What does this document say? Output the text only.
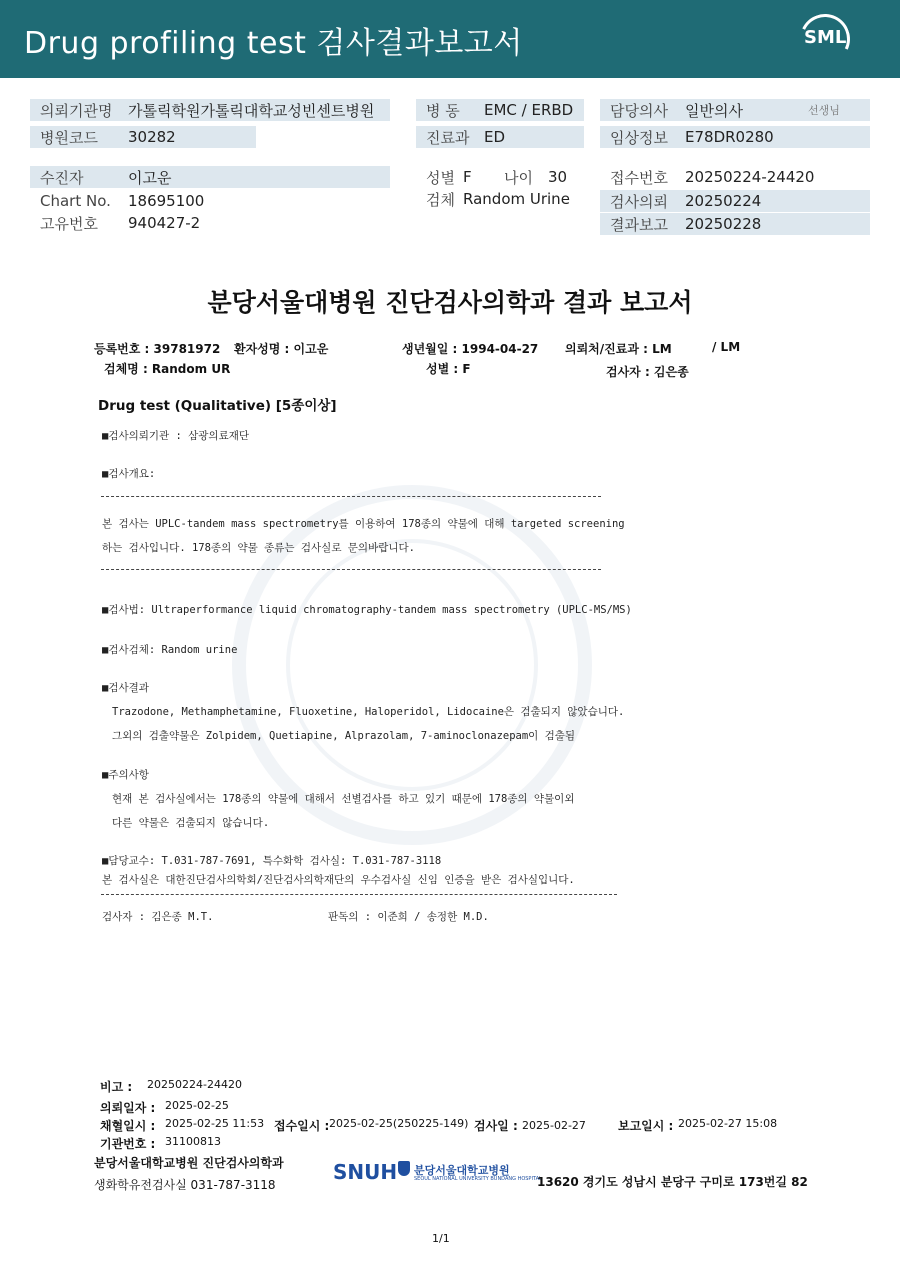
Drug profiling test 검사결과보고서	SML
의뢰기관명 가톨릭학원가톨릭대학교성빈센트병원
병원코드 30282
수진자	이고운
Chart No. 18695100
고유번호 940427-2
병 동 EMC / ERBD
진료과 ED
성별 F 나이 30
검체 Random Urine
담당의사 일반의사	선생님
임상정보 E78DR0280
접수번호 20250224-24420
검사의뢰 20250224
결과보고 20250228
분당서울대병원 진단검사의학과 결과 보고서
등록번호 : 39781972 환자성명 : 이고운	생년월일 : 1994-04-27 의뢰처/진료과 : LM	/ LM
검체명 : Random UR	성별 : F	검사자 : 김은종
Drug test (Qualitative) [5종이상]
■검사의뢰기관 : 삼광의료재단
■검사개요:
본 검사는 UPLC-tandem mass spectrometry를 이용하여 178종의 약물에 대해 targeted screening
하는 검사입니다. 178종의 약물 종류는 검사실로 문의바랍니다.
■검사법: Ultraperformance liquid chromatography-tandem mass spectrometry (UPLC-MS/MS)
■검사검체: Random urine
■검사결과
Trazodone, Methamphetamine, Fluoxetine, Haloperidol, Lidocaine은 검출되지 않았습니다.
그외의 검출약물은 Zolpidem, Quetiapine, Alprazolam, 7-aminoclonazepam이 검출됨
■주의사항
현재 본 검사실에서는 178종의 약물에 대해서 선별검사를 하고 있기 때문에 178종의 약물이외
다른 약물은 검출되지 않습니다.
■담당교수: T.031-787-7691, 특수화학 검사실: T.031-787-3118
본 검사실은 대한진단검사의학회/진단검사의학재단의 우수검사실 신임 인증을 받은 검사실입니다.
검사자 : 김은종 M.T.	판독의 : 이준희 / 송정한 M.D.
비고 : 20250224-24420
의뢰일자 : 2025-02-25
채혈일시 : 2025-02-25 11:53 접수일시 : 2025-02-25(250225-149) 검사일 : 2025-02-27	보고일시 : 2025-02-27 15:08
기관번호 : 31100813
분당서울대학교병원 진단검사의학과
생화학유전검사실 031-787-3118
SNUH 분당서울대학교병원
SEOUL NATIONAL UNIVERSITY BUNDANG HOSPITAL
13620 경기도 성남시 분당구 구미로 173번길 82
1/1
